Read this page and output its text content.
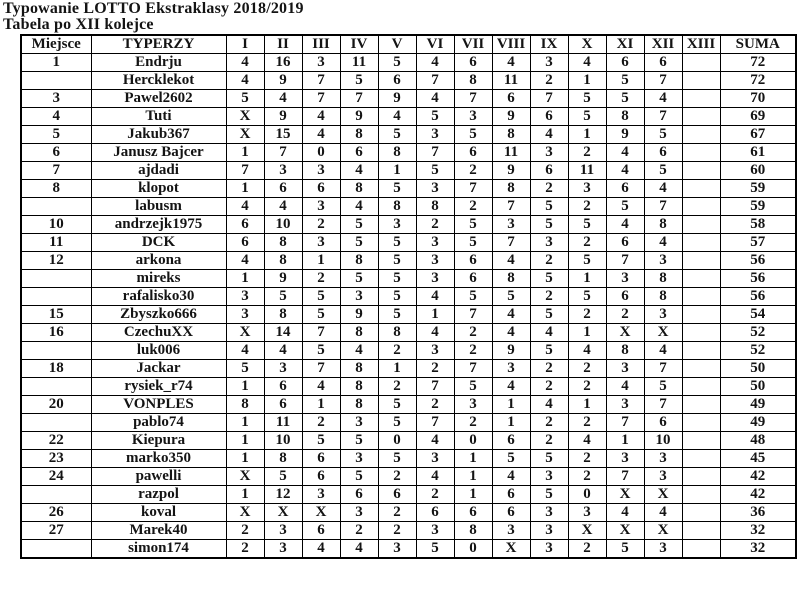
Typowanie LOTTO Ekstraklasy 2018/2019

Tabela po XII kolejce

Miejsce	TYPERZY	I	II	III	IV	V	VI	VII	VIII	IX	X	XI	XII	XIII	SUMA
1	Endrju	4	16	3	11	5	4	6	4	3	4	6	6		72
	Hercklekot	4	9	7	5	6	7	8	11	2	1	5	7		72
3	Pawel2602	5	4	7	7	9	4	7	6	7	5	5	4		70
4	Tuti	X	9	4	9	4	5	3	9	6	5	8	7		69
5	Jakub367	X	15	4	8	5	3	5	8	4	1	9	5		67
6	Janusz Bajcer	1	7	0	6	8	7	6	11	3	2	4	6		61
7	ajdadi	7	3	3	4	1	5	2	9	6	11	4	5		60
8	klopot	1	6	6	8	5	3	7	8	2	3	6	4		59
	labusm	4	4	3	4	8	8	2	7	5	2	5	7		59
10	andrzejk1975	6	10	2	5	3	2	5	3	5	5	4	8		58
11	DCK	6	8	3	5	5	3	5	7	3	2	6	4		57
12	arkona	4	8	1	8	5	3	6	4	2	5	7	3		56
	mireks	1	9	2	5	5	3	6	8	5	1	3	8		56
	rafalisko30	3	5	5	3	5	4	5	5	2	5	6	8		56
15	Zbyszko666	3	8	5	9	5	1	7	4	5	2	2	3		54
16	CzechuXX	X	14	7	8	8	4	2	4	4	1	X	X		52
	luk006	4	4	5	4	2	3	2	9	5	4	8	4		52
18	Jackar	5	3	7	8	1	2	7	3	2	2	3	7		50
	rysiek_r74	1	6	4	8	2	7	5	4	2	2	4	5		50
20	VONPLES	8	6	1	8	5	2	3	1	4	1	3	7		49
	pablo74	1	11	2	3	5	7	2	1	2	2	7	6		49
22	Kiepura	1	10	5	5	0	4	0	6	2	4	1	10		48
23	marko350	1	8	6	3	5	3	1	5	5	2	3	3		45
24	pawelli	X	5	6	5	2	4	1	4	3	2	7	3		42
	razpol	1	12	3	6	6	2	1	6	5	0	X	X		42
26	koval	X	X	X	3	2	6	6	6	3	3	4	4		36
27	Marek40	2	3	6	2	2	3	8	3	3	X	X	X		32
	simon174	2	3	4	4	3	5	0	X	3	2	5	3		32
